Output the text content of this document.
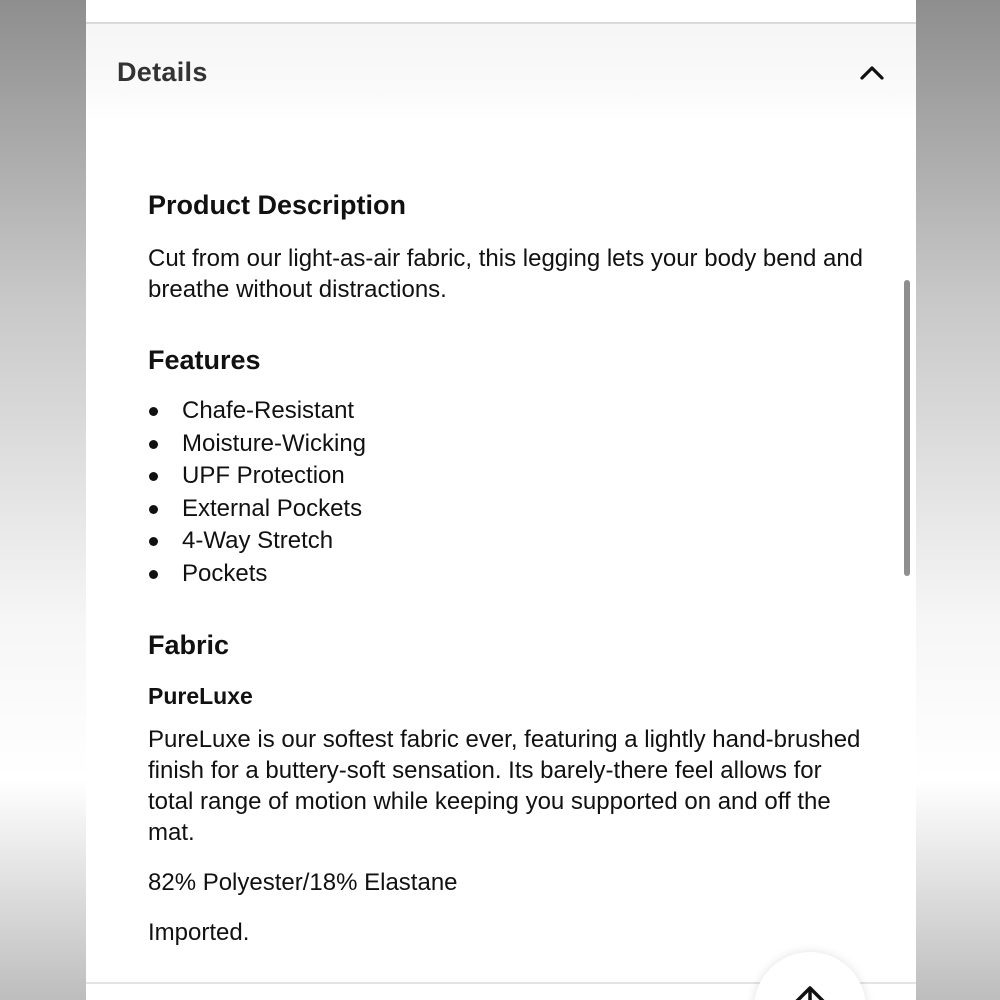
Details
Product Description

Cut from our light-as-air fabric, this legging lets your body bend and breathe without distractions.

Features
Chafe-Resistant
Moisture-Wicking
UPF Protection
External Pockets
4-Way Stretch
Pockets
Fabric
PureLuxe

PureLuxe is our softest fabric ever, featuring a lightly hand-brushed finish for a buttery-soft sensation. Its barely-there feel allows for total range of motion while keeping you supported on and off the mat.

82% Polyester/18% Elastane

Imported.
